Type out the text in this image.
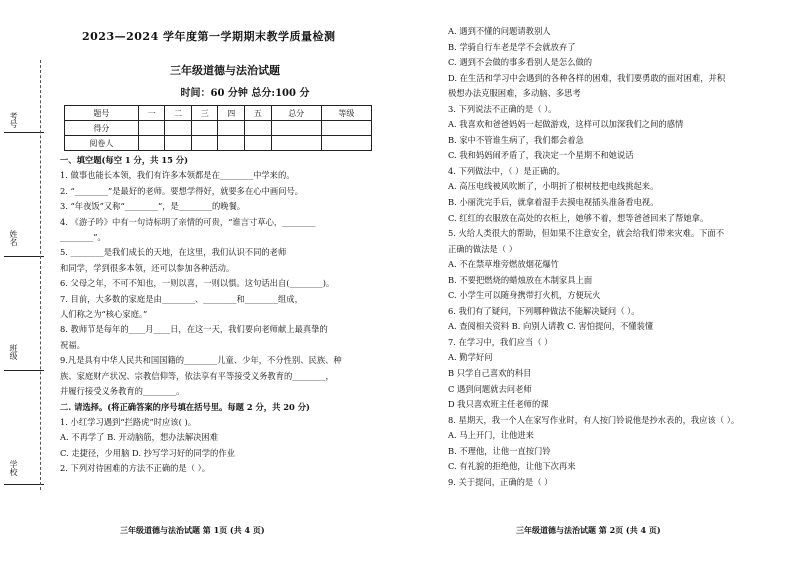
考号
姓名
班级
学校
2023—2024 学年度第一学期期末教学质量检测
三年级道德与法治试题
时间：60 分钟 总分:100 分
题号	一	二	三	四	五	总分	等级
得分							
阅卷人							
一、填空题(每空 1 分，共 15 分)
1. 做事也能长本领，我们有许多本领都是在________中学来的。
2. “________”是最好的老师。要想学得好，就要多在心中画问号。
3. “年夜饭”又称“________”，是________的晚餐。
4. 《游子吟》中有一句诗标明了亲情的可贵，“谁言寸草心，________
________”。
5. ________是我们成长的天地，在这里，我们认识不同的老师
和同学，学到很多本领，还可以参加各种活动。
6. 父母之年，不可不知也，一则以喜，一则以惧。这句话出自(________)。
7. 目前，大多数的家庭是由________、________和________组成，
人们称之为“核心家庭。”
8. 教师节是每年的____月____日，在这一天，我们要向老师献上最真挚的
祝福。
9.凡是具有中华人民共和国国籍的________儿童、少年，不分性别、民族、种
族、家庭财产状况、宗教信仰等，依法享有平等接受义务教育的________，
并履行接受义务教育的________。
二. 请选择。(将正确答案的序号填在括号里。每题 2 分，共 20 分)
1. 小红学习遇到“拦路虎”时应该( )。
A. 不再学了 B. 开动脑筋，想办法解决困难
C. 走捷径，少用脑 D. 抄写学习好的同学的作业
2. 下列对待困难的方法不正确的是（ ）。
三年级道德与法治试题 第 1页 (共 4 页)
A. 遇到不懂的问题请教别人
B. 学骑自行车老是学不会就放弃了
C. 遇到不会做的事多看别人是怎么做的
D. 在生活和学习中会遇到的各种各样的困难，我们要勇敢的面对困难，并积
极想办法克服困难，多动脑、多思考
3. 下列说法不正确的是（ ）。
A. 我喜欢和爸爸妈妈一起做游戏，这样可以加深我们之间的感情
B. 家中不管谁生病了，我们都会着急
C. 我和妈妈闹矛盾了，我决定一个星期不和她说话
4. 下列做法中，（ ）是正确的。
A. 高压电线被风吹断了，小明折了根树枝把电线挑起来。
B. 小丽洗完手后，就拿着湿手去摸电视插头准备看电视。
C. 红红的衣服放在高处的衣柜上，她够不着，想等爸爸回来了帮她拿。
5. 火给人类很大的帮助，但如果不注意安全，就会给我们带来灾难。下面不
正确的做法是（ ）
A. 不在禁草堆旁燃放烟花爆竹
B. 不要把燃烧的蜡烛放在木制家具上面
C. 小学生可以随身携带打火机，方便玩火
6. 我们有了疑问，下列哪种做法不能解决疑问（ ）。
A. 查阅相关资料 B. 向别人请教 C. 害怕提问，不懂装懂
7. 在学习中，我们应当（ ）
A. 勤学好问
B 只学自己喜欢的科目
C 遇到问题就去问老师
D 我只喜欢班主任老师的课
8. 星期天，我一个人在家写作业时，有人按门铃说他是抄水表的，我应该（ ）。
A. 马上开门，让他进来
B. 不理他，让他一直按门铃
C. 有礼貌的拒绝他，让他下次再来
9. 关于提问，正确的是（ ）
三年级道德与法治试题 第 2页 (共 4 页)
